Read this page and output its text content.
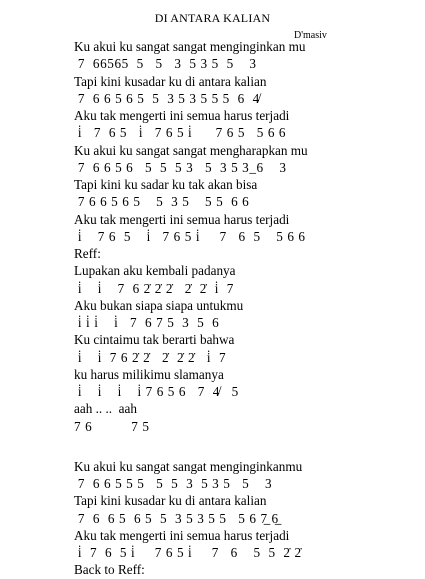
DI ANTARA KALIAN
D'masiv
Ku akui ku sangat sangat menginginkan mu
7  66565  5   5   3  5 3 5  5    3
Tapi kini kusadar ku di antara kalian
7  6 6 5 6 5  5  3 5 3 5 5 5  6  4̸
Aku tak mengerti ini semua harus terjadi
i̇   7  6 5   i̇   7 6 5 i̇      7 6 5   5 6 6
Ku akui ku sangat sangat mengharapkan mu
7  6 6 5 6   5  5  5 3   5  3 5 3_6    3
Tapi kini ku sadar ku tak akan bisa
7 6 6 5 6 5    5  3 5    5 5  6 6
Aku tak mengerti ini semua harus terjadi
i̇    7 6  5    i̇   7 6 5 i̇     7   6  5    5 6 6
Reff:
Lupakan aku kembali padanya
i̇    i̇    7  6 2̇ 2̇ 2̇   2̇  2̇  i̇  7
Aku bukan siapa siapa untukmu
i̇ i̇ i̇    i̇   7  6 7 5  3  5  6
Ku cintaimu tak berarti bahwa
i̇    i̇  7 6 2̇ 2̇   2̇  2̇ 2̇   i̇  7
ku harus milikimu slamanya
i̇    i̇    i̇    i̇ 7 6 5 6   7  4̸   5
aah .. ..  aah
7 6          7 5
Ku akui ku sangat sangat menginginkanmu
7  6 6 5 5 5   5  5  3  5 3 5   5    3
Tapi kini kusadar ku di antara kalian
7  6  6 5  6 5  5  3 5 3 5 5   5 6 7̲ 6̲
Aku tak mengerti ini semua harus terjadi
i̇  7  6  5 i̇     7 6 5 i̇     7   6    5  5  2̇ 2̇
Back to Reff:
